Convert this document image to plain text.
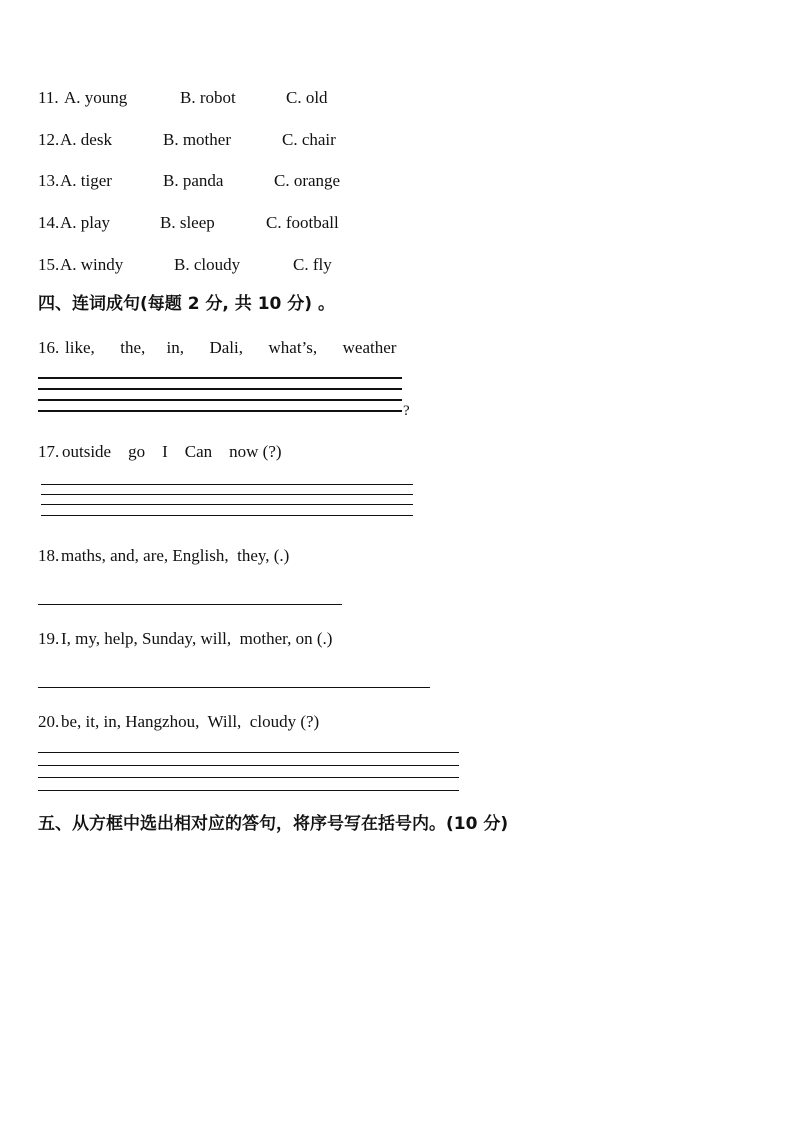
11. A. young	B. robot	C. old
12. A. desk	B. mother	C. chair
13. A. tiger	B. panda	C. orange
14. A. play	B. sleep	C. football
15. A. windy	B. cloudy	C. fly
四、连词成句(每题 2 分, 共 10 分) 。
16. like,      the,     in,      Dali,      what’s,      weather
?
17. outside    go    I    Can    now (?)
18. maths, and, are, English,  they, (.)
19. I, my, help, Sunday, will,  mother, on (.)
20. be, it, in, Hangzhou,  Will,  cloudy (?)
五、从方框中选出相对应的答句，将序号写在括号内。(10 分)
